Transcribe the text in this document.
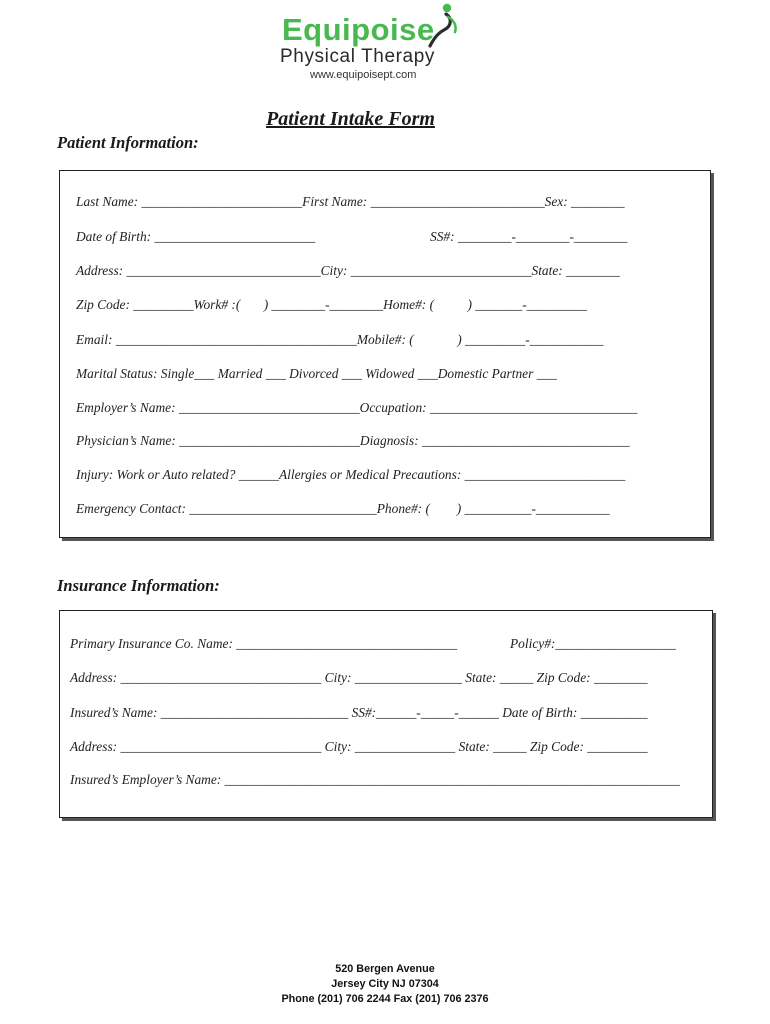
Equipoise
Physical Therapy
www.equipoisept.com
Patient Intake Form
Patient Information:
Last Name: ________________________First Name: __________________________Sex: ________
Date of Birth: ________________________	SS#: ________-________-________
Address: _____________________________City: ___________________________State: ________
Zip Code: _________Work# :(       ) ________-________Home#: (          ) _______-_________
Email: ____________________________________Mobile#: (             ) _________-___________
Marital Status: Single___ Married ___ Divorced ___ Widowed ___Domestic Partner ___
Employer’s Name: ___________________________Occupation: _______________________________
Physician’s Name: ___________________________Diagnosis: _______________________________
Injury: Work or Auto related? ______Allergies or Medical Precautions: ________________________
Emergency Contact: ____________________________Phone#: (        ) __________-___________
Insurance Information:
Primary Insurance Co. Name: _________________________________	Policy#:__________________
Address: ______________________________ City: ________________ State: _____ Zip Code: ________
Insured’s Name: ____________________________ SS#:______-_____-______ Date of Birth: __________
Address: ______________________________ City: _______________ State: _____ Zip Code: _________
Insured’s Employer’s Name: ____________________________________________________________________
520 Bergen Avenue
Jersey City NJ 07304
Phone (201) 706 2244 Fax (201) 706 2376
